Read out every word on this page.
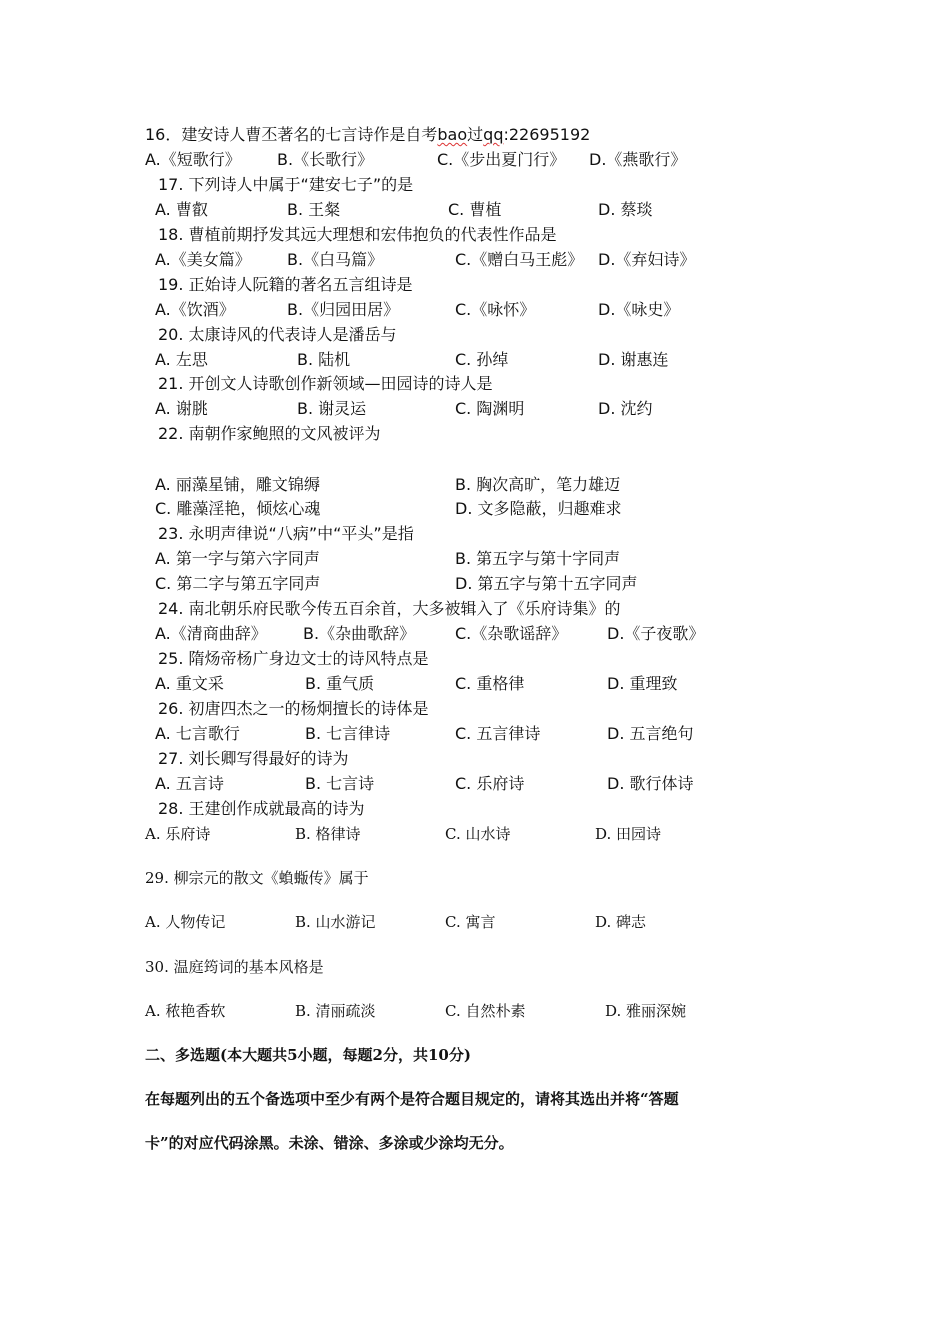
16．建安诗人曹丕著名的七言诗作是自考bao过qq:22695192
A.《短歌行》 B.《长歌行》	C.《步出夏门行》 D.《燕歌行》
17. 下列诗人中属于“建安七子”的是
A. 曹叡	B. 王粲	C. 曹植	D. 蔡琰
18. 曹植前期抒发其远大理想和宏伟抱负的代表性作品是
A.《美女篇》 B.《白马篇》	C.《赠白马王彪》 D.《弃妇诗》
19. 正始诗人阮籍的著名五言组诗是
A.《饮酒》	B.《归园田居》	C.《咏怀》	D.《咏史》
20. 太康诗风的代表诗人是潘岳与
A. 左思	B. 陆机	C. 孙绰	D. 谢惠连
21. 开创文人诗歌创作新领域—田园诗的诗人是
A. 谢朓	B. 谢灵运	C. 陶渊明	D. 沈约
22. 南朝作家鲍照的文风被评为
A. 丽藻星铺，雕文锦缛	B. 胸次高旷，笔力雄迈
C. 雕藻淫艳，倾炫心魂	D. 文多隐蔽，归趣难求
23. 永明声律说“八病”中“平头”是指
A. 第一字与第六字同声	B. 第五字与第十字同声
C. 第二字与第五字同声	D. 第五字与第十五字同声
24. 南北朝乐府民歌今传五百余首，大多被辑入了《乐府诗集》的
A.《清商曲辞》 B.《杂曲歌辞》 C.《杂歌谣辞》 D.《子夜歌》
25. 隋炀帝杨广身边文士的诗风特点是
A. 重文采	B. 重气质	C. 重格律	D. 重理致
26. 初唐四杰之一的杨炯擅长的诗体是
A. 七言歌行	B. 七言律诗	C. 五言律诗	D. 五言绝句
27. 刘长卿写得最好的诗为
A. 五言诗	B. 七言诗	C. 乐府诗	D. 歌行体诗
28. 王建创作成就最高的诗为
A. 乐府诗	B. 格律诗	C. 山水诗	D. 田园诗
29. 柳宗元的散文《蝜蝂传》属于
A. 人物传记	B. 山水游记	C. 寓言	D. 碑志
30. 温庭筠词的基本风格是
A. 秾艳香软	B. 清丽疏淡	C. 自然朴素	D. 雅丽深婉
二、多选题(本大题共5小题，每题2分，共10分)
在每题列出的五个备选项中至少有两个是符合题目规定的，请将其选出并将“答题
卡”的对应代码涂黑。未涂、错涂、多涂或少涂均无分。
